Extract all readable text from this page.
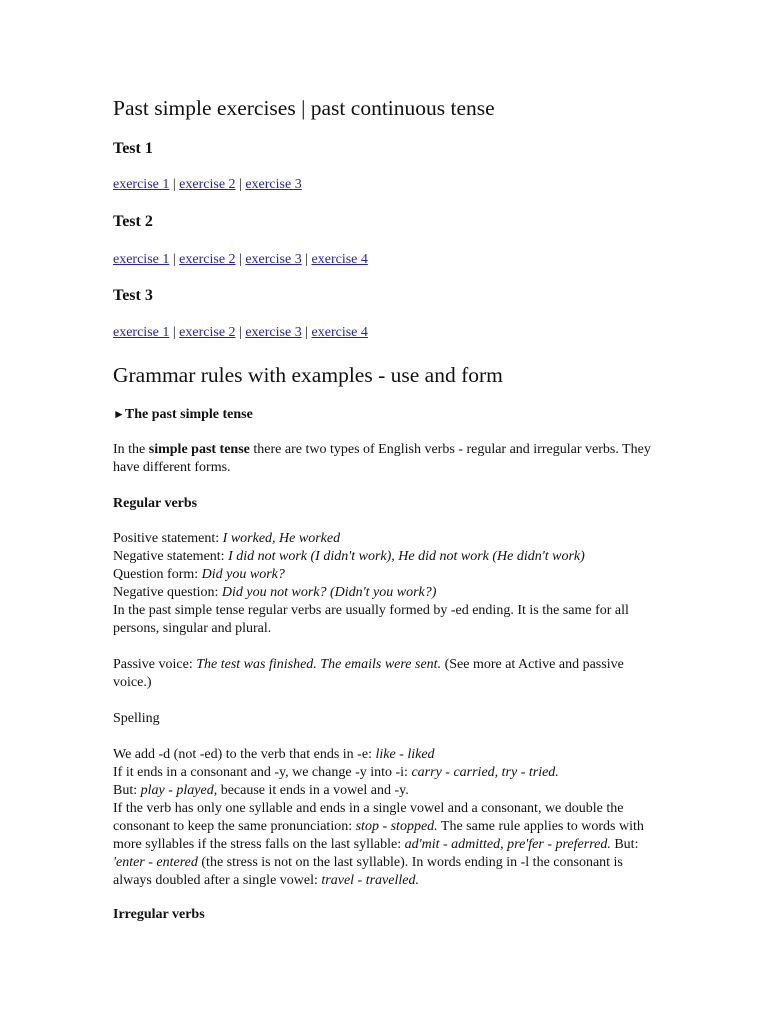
Past simple exercises | past continuous tense
Test 1
exercise 1 | exercise 2 | exercise 3
Test 2
exercise 1 | exercise 2 | exercise 3 | exercise 4
Test 3
exercise 1 | exercise 2 | exercise 3 | exercise 4
Grammar rules with examples - use and form
►The past simple tense
In the simple past tense there are two types of English verbs - regular and irregular verbs. They have different forms.
Regular verbs
Positive statement: I worked, He worked
Negative statement: I did not work (I didn't work), He did not work (He didn't work)
Question form: Did you work?
Negative question: Did you not work? (Didn't you work?)
In the past simple tense regular verbs are usually formed by -ed ending. It is the same for all persons, singular and plural.
Passive voice: The test was finished. The emails were sent. (See more at Active and passive voice.)
Spelling
We add -d (not -ed) to the verb that ends in -e: like - liked
If it ends in a consonant and -y, we change -y into -i: carry - carried, try - tried.
But: play - played, because it ends in a vowel and -y.
If the verb has only one syllable and ends in a single vowel and a consonant, we double the consonant to keep the same pronunciation: stop - stopped. The same rule applies to words with more syllables if the stress falls on the last syllable: ad'mit - admitted, pre'fer - preferred. But: 'enter - entered (the stress is not on the last syllable). In words ending in -l the consonant is always doubled after a single vowel: travel - travelled.
Irregular verbs
